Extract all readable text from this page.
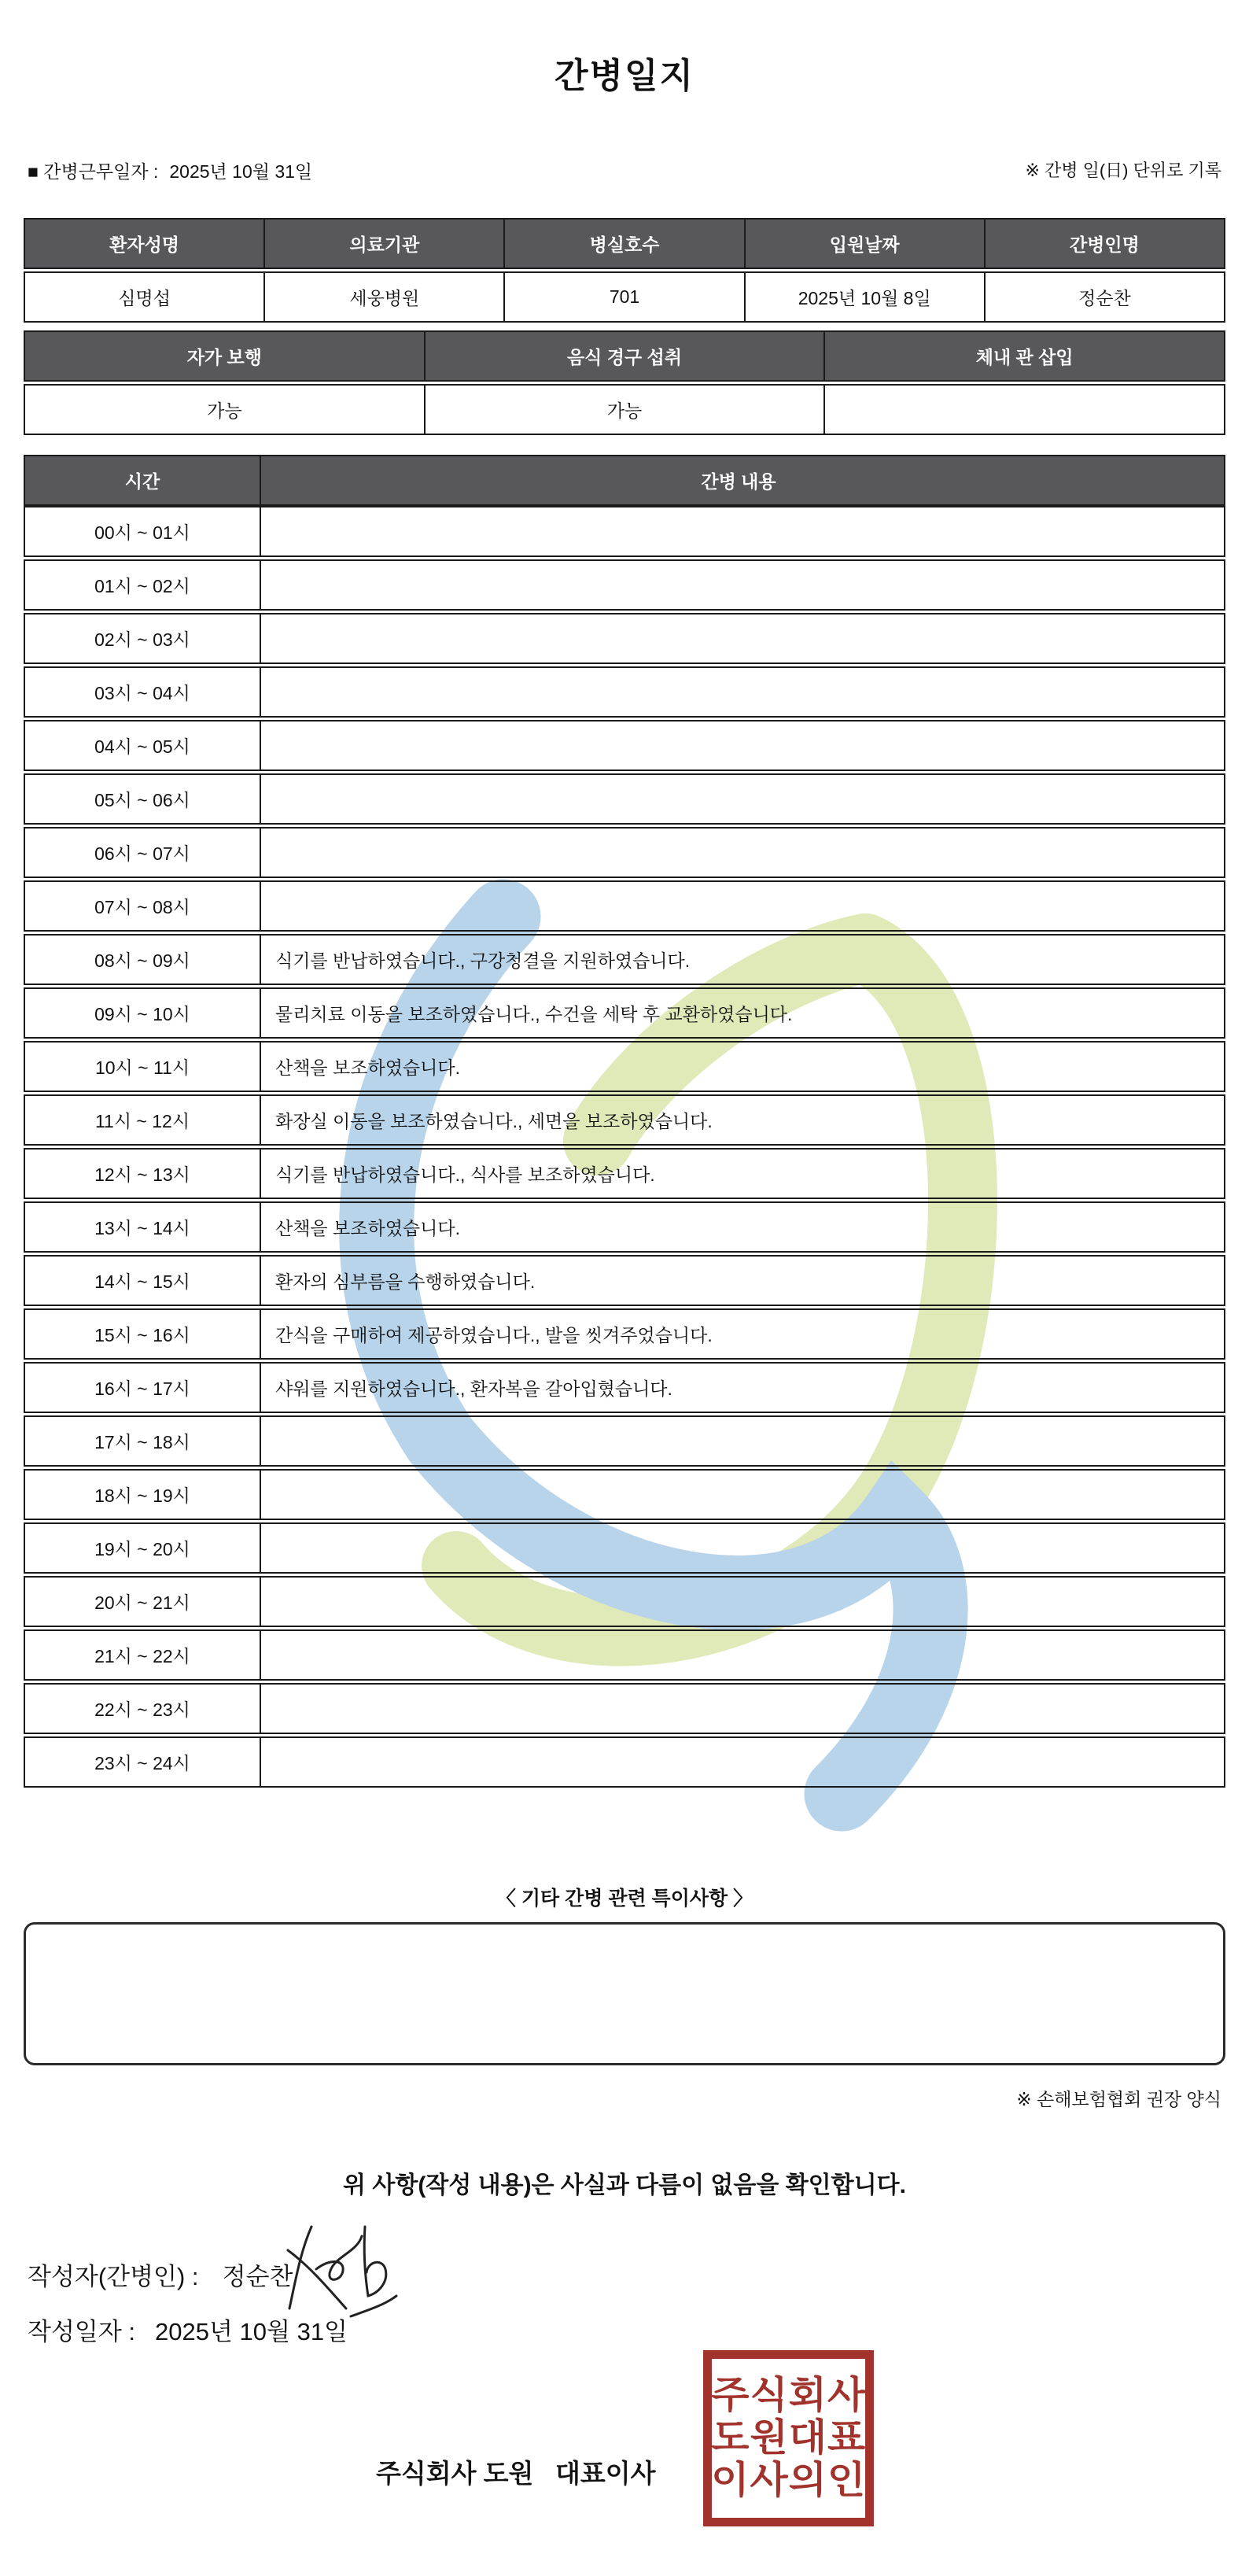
간병일지
■ 간병근무일자 : 2025년 10월 31일	※ 간병 일(日) 단위로 기록
환자성명	의료기관	병실호수	입원날짜	간병인명
심명섭	세웅병원	701	2025년 10월 8일	정순찬
자가 보행	음식 경구 섭취	체내 관 삽입
가능	가능
시간	간병 내용
00시 ~ 01시
01시 ~ 02시
02시 ~ 03시
03시 ~ 04시
04시 ~ 05시
05시 ~ 06시
06시 ~ 07시
07시 ~ 08시
08시 ~ 09시	식기를 반납하였습니다., 구강청결을 지원하였습니다.
09시 ~ 10시	물리치료 이동을 보조하였습니다., 수건을 세탁 후 교환하였습니다.
10시 ~ 11시	산책을 보조하였습니다.
11시 ~ 12시	화장실 이동을 보조하였습니다., 세면을 보조하였습니다.
12시 ~ 13시	식기를 반납하였습니다., 식사를 보조하였습니다.
13시 ~ 14시	산책을 보조하였습니다.
14시 ~ 15시	환자의 심부름을 수행하였습니다.
15시 ~ 16시	간식을 구매하여 제공하였습니다., 발을 씻겨주었습니다.
16시 ~ 17시	샤워를 지원하였습니다., 환자복을 갈아입혔습니다.
17시 ~ 18시
18시 ~ 19시
19시 ~ 20시
20시 ~ 21시
21시 ~ 22시
22시 ~ 23시
23시 ~ 24시
〈 기타 간병 관련 특이사항 〉
※ 손해보험협회 권장 양식
위 사항(작성 내용)은 사실과 다름이 없음을 확인합니다.
작성자(간병인) : 정순찬
작성일자 : 2025년 10월 31일
주식회사 도원   대표이사
주식회사
도원대표
이사의인
